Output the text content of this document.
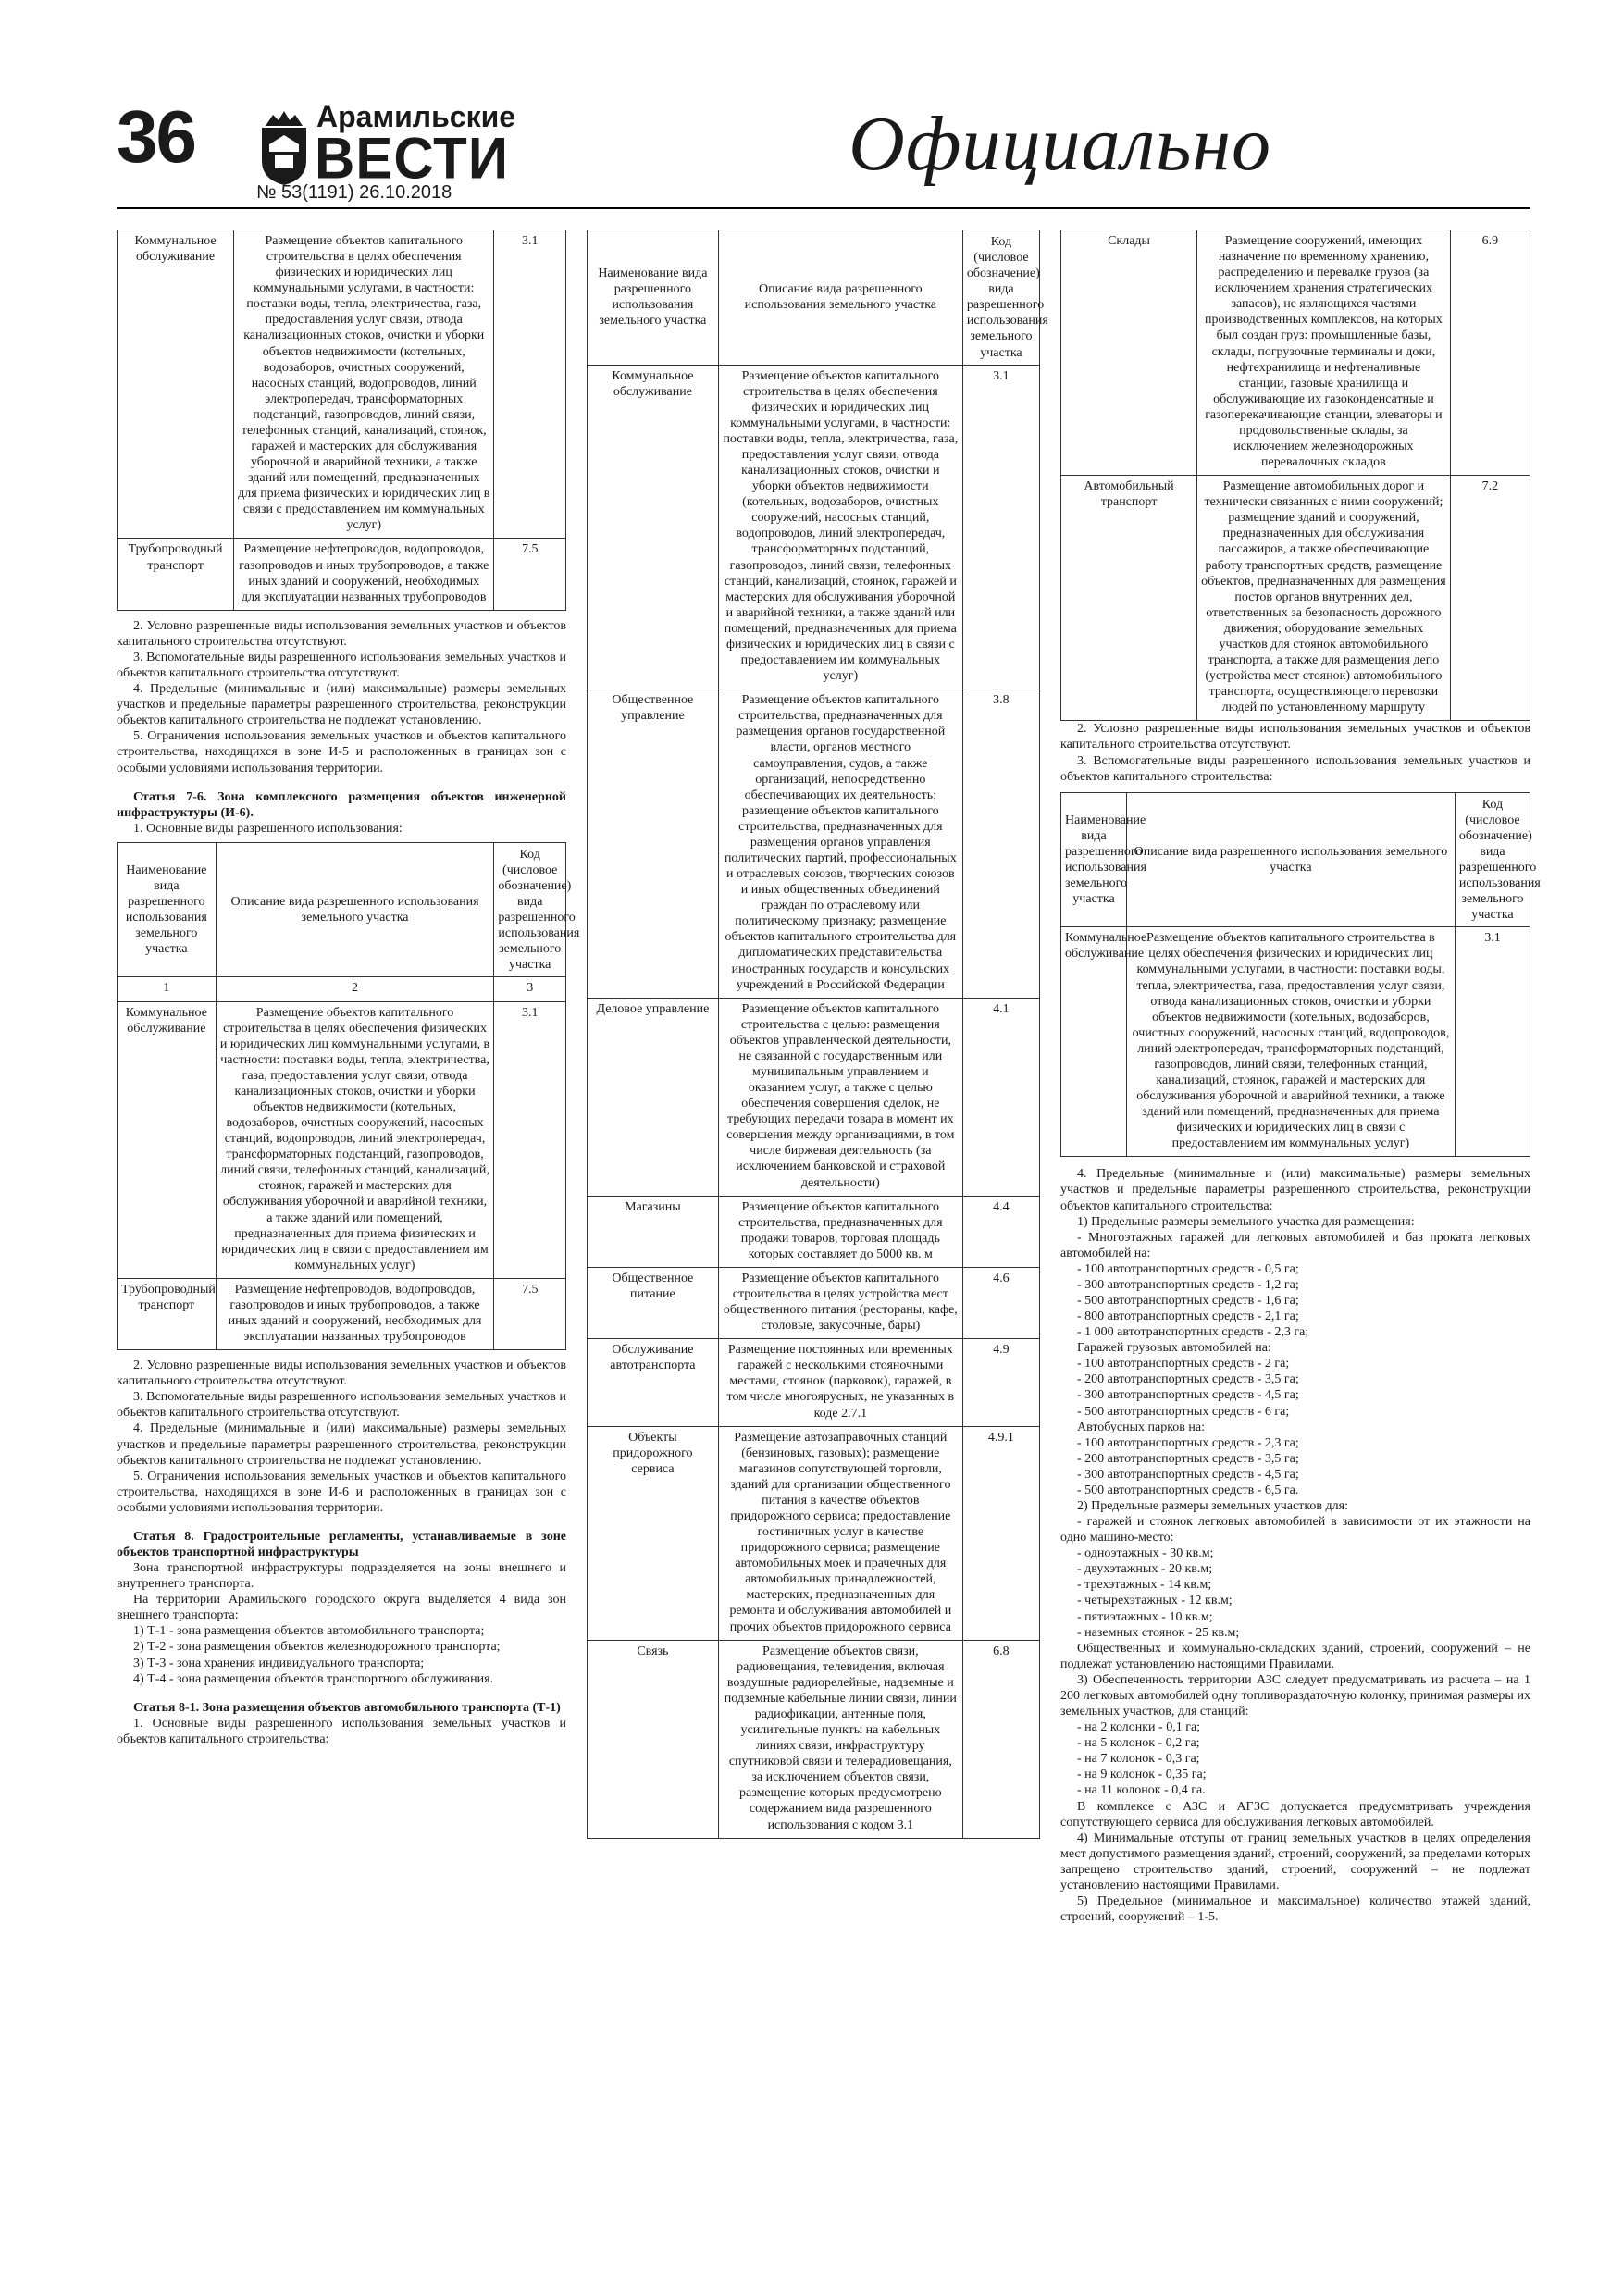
36	Арамильские
ВЕСТИ
№ 53(1191) 26.10.2018
Официально
Коммунальное обслуживание	Размещение объектов капитального строительства в целях обеспечения физических и юридических лиц коммунальными услугами, в частности: поставки воды, тепла, электричества, газа, предоставления услуг связи, отвода канализационных стоков, очистки и уборки объектов недвижимости (котельных, водозаборов, очистных сооружений, насосных станций, водопроводов, линий электропередач, трансформаторных подстанций, газопроводов, линий связи, телефонных станций, канализаций, стоянок, гаражей и мастерских для обслуживания уборочной и аварийной техники, а также зданий или помещений, предназначенных для приема физических и юридических лиц в связи с предоставлением им коммунальных услуг)	3.1
Трубопроводный транспорт	Размещение нефтепроводов, водопроводов, газопроводов и иных трубопроводов, а также иных зданий и сооружений, необходимых для эксплуатации названных трубопроводов	7.5

2. Условно разрешенные виды использования земельных участков и объектов капитального строительства отсутствуют.

3. Вспомогательные виды разрешенного использования земельных участков и объектов капитального строительства отсутствуют.

4. Предельные (минимальные и (или) максимальные) размеры земельных участков и предельные параметры разрешенного строительства, реконструкции объектов капитального строительства не подлежат установлению.

5. Ограничения использования земельных участков и объектов капитального строительства, находящихся в зоне И-5 и расположенных в границах зон с особыми условиями использования территории.

Статья 7-6. Зона комплексного размещения объектов инженерной инфраструктуры (И-6).

1. Основные виды разрешенного использования:

Наименование вида разрешенного использования земельного участка	Описание вида разрешенного использования земельного участка	Код (числовое обозначение) вида разрешенного использования земельного участка
1	2	3
Коммунальное обслуживание	Размещение объектов капитального строительства в целях обеспечения физических и юридических лиц коммунальными услугами, в частности: поставки воды, тепла, электричества, газа, предоставления услуг связи, отвода канализационных стоков, очистки и уборки объектов недвижимости (котельных, водозаборов, очистных сооружений, насосных станций, водопроводов, линий электропередач, трансформаторных подстанций, газопроводов, линий связи, телефонных станций, канализаций, стоянок, гаражей и мастерских для обслуживания уборочной и аварийной техники, а также зданий или помещений, предназначенных для приема физических и юридических лиц в связи с предоставлением им коммунальных услуг)	3.1
Трубопроводный транспорт	Размещение нефтепроводов, водопроводов, газопроводов и иных трубопроводов, а также иных зданий и сооружений, необходимых для эксплуатации названных трубопроводов	7.5

2. Условно разрешенные виды использования земельных участков и объектов капитального строительства отсутствуют.

3. Вспомогательные виды разрешенного использования земельных участков и объектов капитального строительства отсутствуют.

4. Предельные (минимальные и (или) максимальные) размеры земельных участков и предельные параметры разрешенного строительства, реконструкции объектов капитального строительства не подлежат установлению.

5. Ограничения использования земельных участков и объектов капитального строительства, находящихся в зоне И-6 и расположенных в границах зон с особыми условиями использования территории.

Статья 8. Градостроительные регламенты, устанавливаемые в зоне объектов транспортной инфраструктуры

Зона транспортной инфраструктуры подразделяется на зоны внешнего и внутреннего транспорта.

На территории Арамильского городского округа выделяется 4 вида зон внешнего транспорта:

1) Т-1 - зона размещения объектов автомобильного транспорта;

2) Т-2 - зона размещения объектов железнодорожного транспорта;

3) Т-3 - зона хранения индивидуального транспорта;

4) Т-4 - зона размещения объектов транспортного обслуживания.

Статья 8-1. Зона размещения объектов автомобильного транспорта (Т-1)

1. Основные виды разрешенного использования земельных участков и объектов капитального строительства:

Наименование вида разрешенного использования земельного участка	Описание вида разрешенного использования земельного участка	Код (числовое обозначение) вида разрешенного использования земельного участка
Коммунальное обслуживание	Размещение объектов капитального строительства в целях обеспечения физических и юридических лиц коммунальными услугами, в частности: поставки воды, тепла, электричества, газа, предоставления услуг связи, отвода канализационных стоков, очистки и уборки объектов недвижимости (котельных, водозаборов, очистных сооружений, насосных станций, водопроводов, линий электропередач, трансформаторных подстанций, газопроводов, линий связи, телефонных станций, канализаций, стоянок, гаражей и мастерских для обслуживания уборочной и аварийной техники, а также зданий или помещений, предназначенных для приема физических и юридических лиц в связи с предоставлением им коммунальных услуг)	3.1
Общественное управление	Размещение объектов капитального строительства, предназначенных для размещения органов государственной власти, органов местного самоуправления, судов, а также организаций, непосредственно обеспечивающих их деятельность; размещение объектов капитального строительства, предназначенных для размещения органов управления политических партий, профессиональных и отраслевых союзов, творческих союзов и иных общественных объединений граждан по отраслевому или политическому признаку; размещение объектов капитального строительства для дипломатических представительства иностранных государств и консульских учреждений в Российской Федерации	3.8
Деловое управление	Размещение объектов капитального строительства с целью: размещения объектов управленческой деятельности, не связанной с государственным или муниципальным управлением и оказанием услуг, а также с целью обеспечения совершения сделок, не требующих передачи товара в момент их совершения между организациями, в том числе биржевая деятельность (за исключением банковской и страховой деятельности)	4.1
Магазины	Размещение объектов капитального строительства, предназначенных для продажи товаров, торговая площадь которых составляет до 5000 кв. м	4.4
Общественное питание	Размещение объектов капитального строительства в целях устройства мест общественного питания (рестораны, кафе, столовые, закусочные, бары)	4.6
Обслуживание автотранспорта	Размещение постоянных или временных гаражей с несколькими стояночными местами, стоянок (парковок), гаражей, в том числе многоярусных, не указанных в коде 2.7.1	4.9
Объекты придорожного сервиса	Размещение автозаправочных станций (бензиновых, газовых); размещение магазинов сопутствующей торговли, зданий для организации общественного питания в качестве объектов придорожного сервиса; предоставление гостиничных услуг в качестве придорожного сервиса; размещение автомобильных моек и прачечных для автомобильных принадлежностей, мастерских, предназначенных для ремонта и обслуживания автомобилей и прочих объектов придорожного сервиса	4.9.1
Связь	Размещение объектов связи, радиовещания, телевидения, включая воздушные радиорелейные, надземные и подземные кабельные линии связи, линии радиофикации, антенные поля, усилительные пункты на кабельных линиях связи, инфраструктуру спутниковой связи и телерадиовещания, за исключением объектов связи, размещение которых предусмотрено содержанием вида разрешенного использования с кодом 3.1	6.8
Склады	Размещение сооружений, имеющих назначение по временному хранению, распределению и перевалке грузов (за исключением хранения стратегических запасов), не являющихся частями производственных комплексов, на которых был создан груз: промышленные базы, склады, погрузочные терминалы и доки, нефтехранилища и нефтеналивные станции, газовые хранилища и обслуживающие их газоконденсатные и газоперекачивающие станции, элеваторы и продовольственные склады, за исключением железнодорожных перевалочных складов	6.9
Автомобильный транспорт	Размещение автомобильных дорог и технически связанных с ними сооружений; размещение зданий и сооружений, предназначенных для обслуживания пассажиров, а также обеспечивающие работу транспортных средств, размещение объектов, предназначенных для размещения постов органов внутренних дел, ответственных за безопасность дорожного движения; оборудование земельных участков для стоянок автомобильного транспорта, а также для размещения депо (устройства мест стоянок) автомобильного транспорта, осуществляющего перевозки людей по установленному маршруту	7.2

2. Условно разрешенные виды использования земельных участков и объектов капитального строительства отсутствуют.

3. Вспомогательные виды разрешенного использования земельных участков и объектов капитального строительства:

Наименование вида разрешенного использования земельного участка	Описание вида разрешенного использования земельного участка	Код (числовое обозначение) вида разрешенного использования земельного участка
Коммунальное обслуживание	Размещение объектов капитального строительства в целях обеспечения физических и юридических лиц коммунальными услугами, в частности: поставки воды, тепла, электричества, газа, предоставления услуг связи, отвода канализационных стоков, очистки и уборки объектов недвижимости (котельных, водозаборов, очистных сооружений, насосных станций, водопроводов, линий электропередач, трансформаторных подстанций, газопроводов, линий связи, телефонных станций, канализаций, стоянок, гаражей и мастерских для обслуживания уборочной и аварийной техники, а также зданий или помещений, предназначенных для приема физических и юридических лиц в связи с предоставлением им коммунальных услуг)	3.1

4. Предельные (минимальные и (или) максимальные) размеры земельных участков и предельные параметры разрешенного строительства, реконструкции объектов капитального строительства:

1) Предельные размеры земельного участка для размещения:

- Многоэтажных гаражей для легковых автомобилей и баз проката легковых автомобилей на:

- 100 автотранспортных средств - 0,5 га;

- 300 автотранспортных средств - 1,2 га;

- 500 автотранспортных средств - 1,6 га;

- 800 автотранспортных средств - 2,1 га;

- 1 000 автотранспортных средств - 2,3 га;

Гаражей грузовых автомобилей на:

- 100 автотранспортных средств - 2 га;

- 200 автотранспортных средств - 3,5 га;

- 300 автотранспортных средств - 4,5 га;

- 500 автотранспортных средств - 6 га;

Автобусных парков на:

- 100 автотранспортных средств - 2,3 га;

- 200 автотранспортных средств - 3,5 га;

- 300 автотранспортных средств - 4,5 га;

- 500 автотранспортных средств - 6,5 га.

2) Предельные размеры земельных участков для:

- гаражей и стоянок легковых автомобилей в зависимости от их этажности на одно машино-место:

- одноэтажных - 30 кв.м;

- двухэтажных - 20 кв.м;

- трехэтажных - 14 кв.м;

- четырехэтажных - 12 кв.м;

- пятиэтажных - 10 кв.м;

- наземных стоянок - 25 кв.м;

Общественных и коммунально-складских зданий, строений, сооружений – не подлежат установлению настоящими Правилами.

3) Обеспеченность территории АЗС следует предусматривать из расчета – на 1 200 легковых автомобилей одну топливораздаточную колонку, принимая размеры их земельных участков, для станций:

- на 2 колонки - 0,1 га;

- на 5 колонок - 0,2 га;

- на 7 колонок - 0,3 га;

- на 9 колонок - 0,35 га;

- на 11 колонок - 0,4 га.

В комплексе с АЗС и АГЗС допускается предусматривать учреждения сопутствующего сервиса для обслуживания легковых автомобилей.

4) Минимальные отступы от границ земельных участков в целях определения мест допустимого размещения зданий, строений, сооружений, за пределами которых запрещено строительство зданий, строений, сооружений – не подлежат установлению настоящими Правилами.

5) Предельное (минимальное и максимальное) количество этажей зданий, строений, сооружений – 1-5.
